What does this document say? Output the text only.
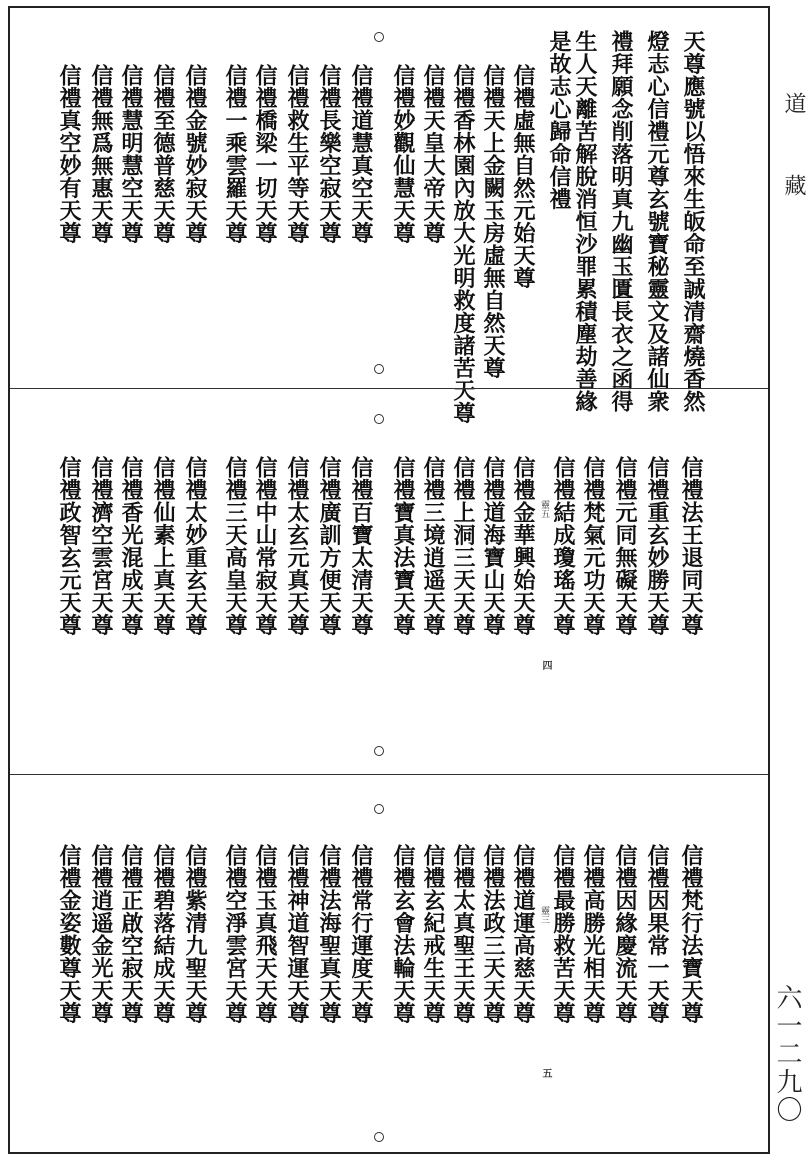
天尊應號以悟來生皈命至誠清齋燒香然
燈志心信禮元尊玄號寶秘靈文及諸仙衆
禮拜願念削落明真九幽玉匱長衣之函得
生人天離苦解脫消恒沙罪累積塵劫善緣
是故志心歸命信禮
信禮虛無自然元始天尊
信禮天上金闕玉房虛無自然天尊
信禮香林園內放大光明救度諸苦天尊
信禮天皇大帝天尊
信禮妙觀仙慧天尊
信禮道慧真空天尊
信禮長樂空寂天尊
信禮救生平等天尊
信禮橋梁一切天尊
信禮一乘雲羅天尊
信禮金號妙寂天尊
信禮至德普慈天尊
信禮慧明慧空天尊
信禮無爲無惠天尊
信禮真空妙有天尊
信禮法王退同天尊
信禮重玄妙勝天尊
信禮元同無礙天尊
信禮梵氣元功天尊
信禮結成瓊瑤天尊
信禮金華興始天尊
信禮道海寶山天尊
信禮上洞三天天尊
信禮三境逍遥天尊
信禮寶真法寶天尊
信禮百寶太清天尊
信禮廣訓方便天尊
信禮太玄元真天尊
信禮中山常寂天尊
信禮三天高皇天尊
信禮太妙重玄天尊
信禮仙素上真天尊
信禮香光混成天尊
信禮濟空雲宮天尊
信禮政智玄元天尊	靈五
四
信禮梵行法寶天尊
信禮因果常一天尊
信禮因緣慶流天尊
信禮高勝光相天尊
信禮最勝救苦天尊
信禮道運高慈天尊
信禮法政三天天尊
信禮太真聖王天尊
信禮玄紀戒生天尊
信禮玄會法輪天尊
信禮常行運度天尊
信禮法海聖真天尊
信禮神道智運天尊
信禮玉真飛天天尊
信禮空淨雲宮天尊
信禮紫清九聖天尊
信禮碧落結成天尊
信禮正啟空寂天尊
信禮逍遥金光天尊
信禮金姿數尊天尊	靈三
五
道藏
六一二九〇
